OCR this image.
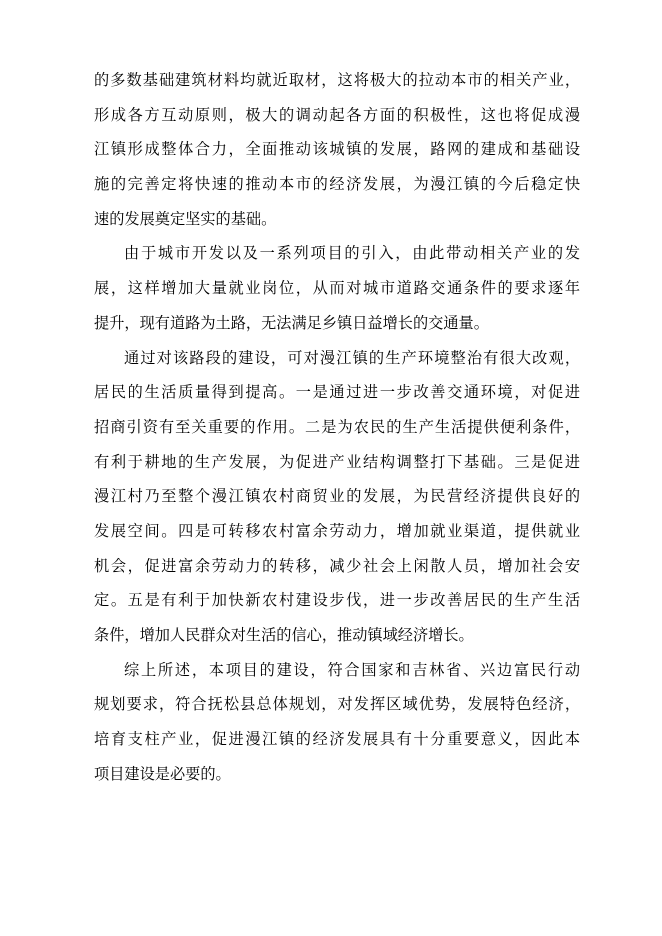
的多数基础建筑材料均就近取材，这将极大的拉动本市的相关产业，
形成各方互动原则，极大的调动起各方面的积极性，这也将促成漫
江镇形成整体合力，全面推动该城镇的发展，路网的建成和基础设
施的完善定将快速的推动本市的经济发展，为漫江镇的今后稳定快
速的发展奠定坚实的基础。
由于城市开发以及一系列项目的引入，由此带动相关产业的发
展，这样增加大量就业岗位，从而对城市道路交通条件的要求逐年
提升，现有道路为土路，无法满足乡镇日益增长的交通量。
通过对该路段的建设，可对漫江镇的生产环境整治有很大改观，
居民的生活质量得到提高。一是通过进一步改善交通环境，对促进
招商引资有至关重要的作用。二是为农民的生产生活提供便利条件，
有利于耕地的生产发展，为促进产业结构调整打下基础。三是促进
漫江村乃至整个漫江镇农村商贸业的发展，为民营经济提供良好的
发展空间。四是可转移农村富余劳动力，增加就业渠道，提供就业
机会，促进富余劳动力的转移，减少社会上闲散人员，增加社会安
定。五是有利于加快新农村建设步伐，进一步改善居民的生产生活
条件，增加人民群众对生活的信心，推动镇域经济增长。
综上所述，本项目的建设，符合国家和吉林省、兴边富民行动
规划要求，符合抚松县总体规划，对发挥区域优势，发展特色经济，
培育支柱产业，促进漫江镇的经济发展具有十分重要意义，因此本
项目建设是必要的。
